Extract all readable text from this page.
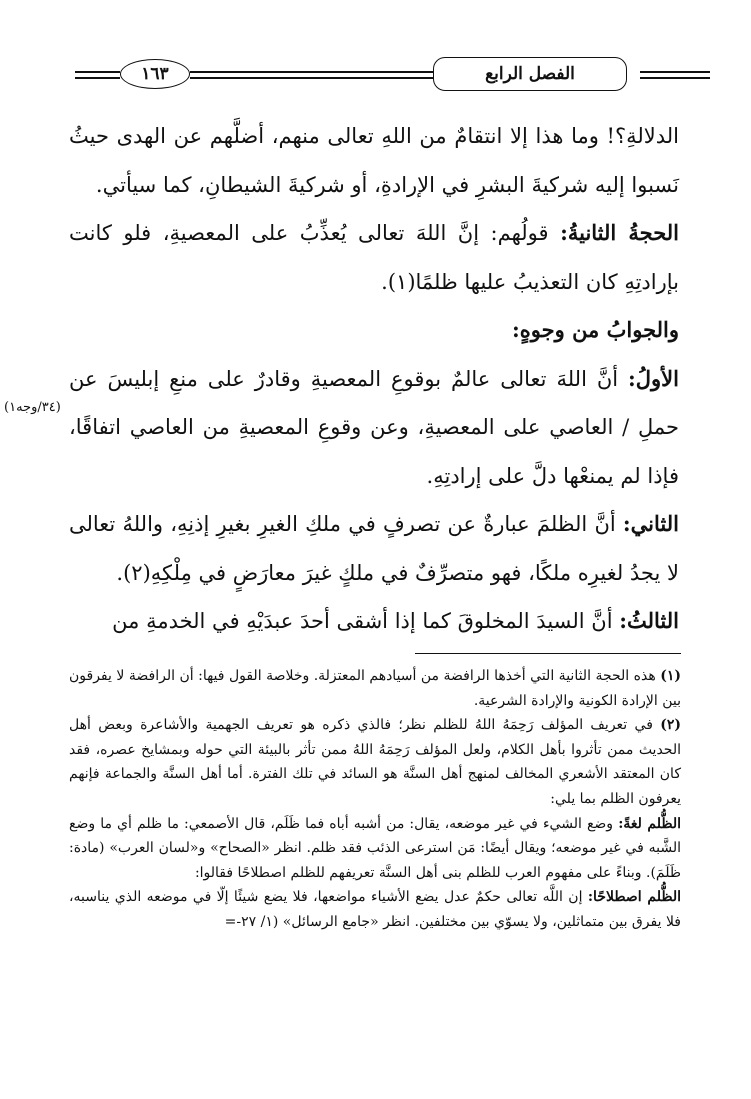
الفصل الرابع
١٦٣
(٣٤/وجه١)

الدلالةِ؟! وما هذا إلا انتقامٌ من اللهِ تعالى منهم، أضلَّهم عن الهدى حيثُ نَسبوا إليه شركيةَ البشرِ في الإرادةِ، أو شركيةَ الشيطانِ، كما سيأتي.

الحجةُ الثانيةُ: قولُهم: إنَّ اللهَ تعالى يُعذِّبُ على المعصيةِ، فلو كانت بإرادتِهِ كان التعذيبُ عليها ظلمًا(١).

والجوابُ من وجوهٍ:

الأولُ: أنَّ اللهَ تعالى عالمٌ بوقوعِ المعصيةِ وقادرٌ على منعِ إبليسَ عن حملِ / العاصي على المعصيةِ، وعن وقوعِ المعصيةِ من العاصي اتفاقًا، فإذا لم يمنعْها دلَّ على إرادتِهِ.

الثاني: أنَّ الظلمَ عبارةٌ عن تصرفٍ في ملكِ الغيرِ بغيرِ إذنِهِ، واللهُ تعالى لا يجدُ لغيرِه ملكًا، فهو متصرِّفٌ في ملكٍ غيرَ معارَضٍ في مِلْكِهِ(٢).

الثالثُ: أنَّ السيدَ المخلوقَ كما إذا أشقى أحدَ عبدَيْهِ في الخدمةِ من

(١) هذه الحجة الثانية التي أخذها الرافضة من أسيادهم المعتزلة. وخلاصة القول فيها: أن الرافضة لا يفرقون بين الإرادة الكونية والإرادة الشرعية.

(٢) في تعريف المؤلف رَحِمَهُ اللهُ للظلم نظر؛ فالذي ذكره هو تعريف الجهمية والأشاعرة وبعض أهل الحديث ممن تأثروا بأهل الكلام، ولعل المؤلف رَحِمَهُ اللهُ ممن تأثر بالبيئة التي حوله وبمشايخ عصره، فقد كان المعتقد الأشعري المخالف لمنهج أهل السنَّة هو السائد في تلك الفترة. أما أهل السنَّة والجماعة فإنهم يعرفون الظلم بما يلي:

الظُّلم لغةً: وضع الشيء في غير موضعه، يقال: من أشبه أباه فما ظَلَم، قال الأصمعي: ما ظلم أي ما وضع الشَّبه في غير موضعه؛ ويقال أيضًا: مَن استرعى الذئب فقد ظلم. انظر «الصحاح» و«لسان العرب» (مادة: ظَلَمَ). وبناءً على مفهوم العرب للظلم بنى أهل السنَّة تعريفهم للظلم اصطلاحًا فقالوا:

الظُّلم اصطلاحًا: إن اللَّه تعالى حكمٌ عدل يضع الأشياء مواضعها، فلا يضع شيئًا إلّا في موضعه الذي يناسبه، فلا يفرق بين متماثلين، ولا يسوّي بين مختلفين. انظر «جامع الرسائل» (١/ ٢٧-=
